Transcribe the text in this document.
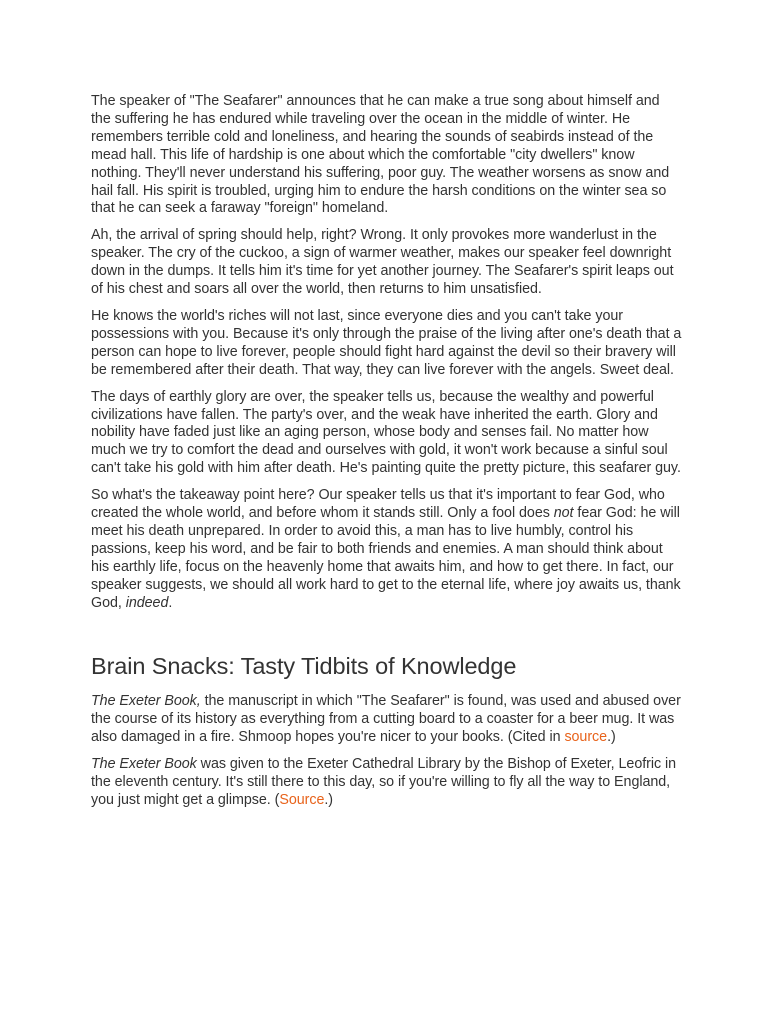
The speaker of "The Seafarer" announces that he can make a true song about himself and the suffering he has endured while traveling over the ocean in the middle of winter. He remembers terrible cold and loneliness, and hearing the sounds of seabirds instead of the mead hall. This life of hardship is one about which the comfortable "city dwellers" know nothing. They'll never understand his suffering, poor guy. The weather worsens as snow and hail fall. His spirit is troubled, urging him to endure the harsh conditions on the winter sea so that he can seek a faraway "foreign" homeland.

Ah, the arrival of spring should help, right? Wrong. It only provokes more wanderlust in the speaker. The cry of the cuckoo, a sign of warmer weather, makes our speaker feel downright down in the dumps. It tells him it's time for yet another journey. The Seafarer's spirit leaps out of his chest and soars all over the world, then returns to him unsatisfied.

He knows the world's riches will not last, since everyone dies and you can't take your possessions with you. Because it's only through the praise of the living after one's death that a person can hope to live forever, people should fight hard against the devil so their bravery will be remembered after their death. That way, they can live forever with the angels. Sweet deal.

The days of earthly glory are over, the speaker tells us, because the wealthy and powerful civilizations have fallen. The party's over, and the weak have inherited the earth. Glory and nobility have faded just like an aging person, whose body and senses fail. No matter how much we try to comfort the dead and ourselves with gold, it won't work because a sinful soul can't take his gold with him after death. He's painting quite the pretty picture, this seafarer guy.

So what's the takeaway point here? Our speaker tells us that it's important to fear God, who created the whole world, and before whom it stands still. Only a fool does not fear God: he will meet his death unprepared. In order to avoid this, a man has to live humbly, control his passions, keep his word, and be fair to both friends and enemies. A man should think about his earthly life, focus on the heavenly home that awaits him, and how to get there. In fact, our speaker suggests, we should all work hard to get to the eternal life, where joy awaits us, thank God, indeed.

Brain Snacks: Tasty Tidbits of Knowledge

The Exeter Book, the manuscript in which "The Seafarer" is found, was used and abused over the course of its history as everything from a cutting board to a coaster for a beer mug. It was also damaged in a fire. Shmoop hopes you're nicer to your books. (Cited in source.)

The Exeter Book was given to the Exeter Cathedral Library by the Bishop of Exeter, Leofric in the eleventh century. It's still there to this day, so if you're willing to fly all the way to England, you just might get a glimpse. (Source.)
